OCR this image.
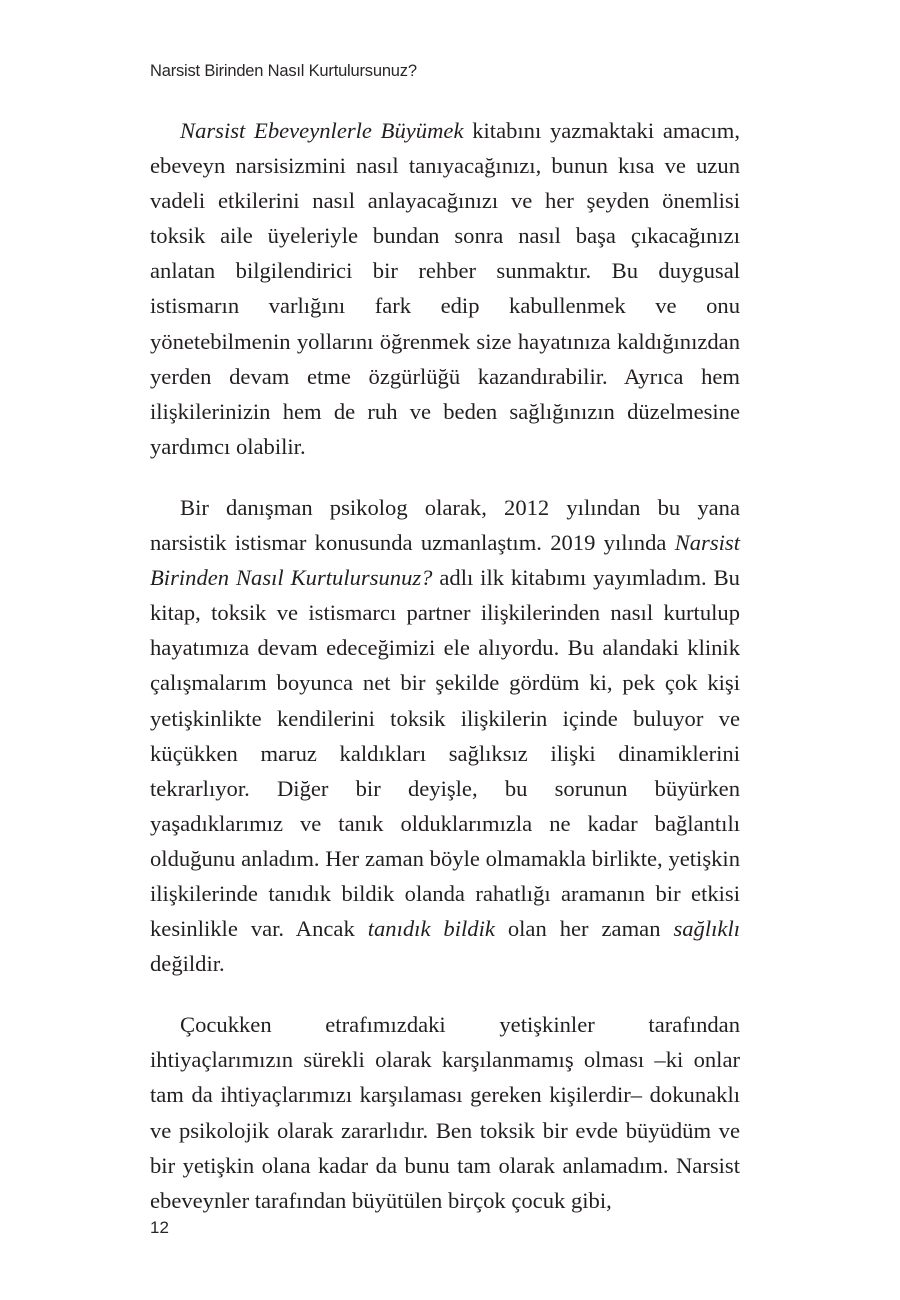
Narsist Birinden Nasıl Kurtulursunuz?

Narsist Ebeveynlerle Büyümek kitabını yazmaktaki amacım, ebeveyn narsisizmini nasıl tanıyacağınızı, bunun kısa ve uzun vadeli etkilerini nasıl anlayacağınızı ve her şeyden önemlisi toksik aile üyeleriyle bundan sonra nasıl başa çıkacağınızı anlatan bilgilendirici bir rehber sunmaktır. Bu duygusal istismarın varlığını fark edip kabullenmek ve onu yönetebilmenin yollarını öğrenmek size hayatınıza kaldığınızdan yerden devam etme özgürlüğü kazandırabilir. Ayrıca hem ilişkilerinizin hem de ruh ve beden sağlığınızın düzelmesine yardımcı olabilir.

Bir danışman psikolog olarak, 2012 yılından bu yana narsistik istismar konusunda uzmanlaştım. 2019 yılında Narsist Birinden Nasıl Kurtulursunuz? adlı ilk kitabımı yayımladım. Bu kitap, toksik ve istismarcı partner ilişkilerinden nasıl kurtulup hayatımıza devam edeceğimizi ele alıyordu. Bu alandaki klinik çalışmalarım boyunca net bir şekilde gördüm ki, pek çok kişi yetişkinlikte kendilerini toksik ilişkilerin içinde buluyor ve küçükken maruz kaldıkları sağlıksız ilişki dinamiklerini tekrarlıyor. Diğer bir deyişle, bu sorunun büyürken yaşadıklarımız ve tanık olduklarımızla ne kadar bağlantılı olduğunu anladım. Her zaman böyle olmamakla birlikte, yetişkin ilişkilerinde tanıdık bildik olanda rahatlığı aramanın bir etkisi kesinlikle var. Ancak tanıdık bildik olan her zaman sağlıklı değildir.

Çocukken etrafımızdaki yetişkinler tarafından ihtiyaçlarımızın sürekli olarak karşılanmamış olması –ki onlar tam da ihtiyaçlarımızı karşılaması gereken kişilerdir– dokunaklı ve psikolojik olarak zararlıdır. Ben toksik bir evde büyüdüm ve bir yetişkin olana kadar da bunu tam olarak anlamadım. Narsist ebeveynler tarafından büyütülen birçok çocuk gibi,

12
